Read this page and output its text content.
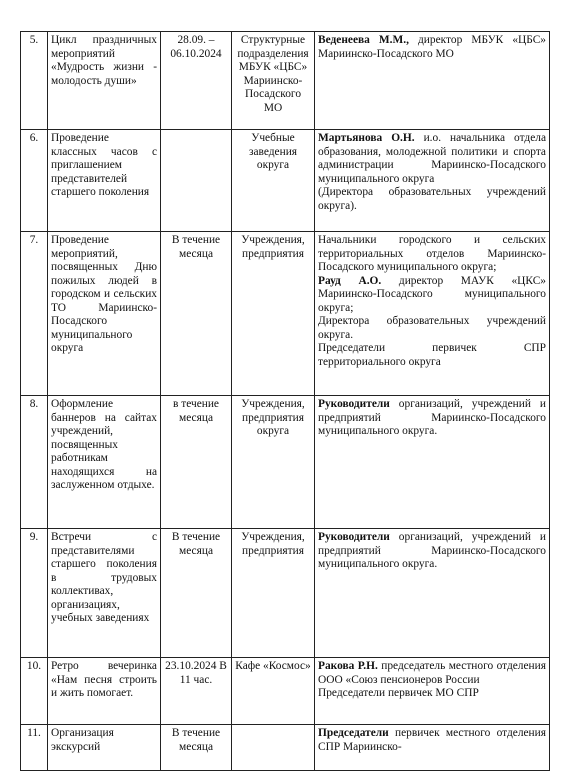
5.	Цикл праздничных мероприятий «Мудрость жизни - молодость души»	28.09. – 06.10.2024	Структурные подразделения МБУК «ЦБС» Мариинско-Посадского МО	Веденеева М.М., директор МБУК «ЦБС» Мариинско-Посадского МО
6.	Проведение классных часов с приглашением представителей старшего поколения		Учебные заведения округа	Мартьянова О.Н. и.о. начальника отдела образования, молодежной политики и спорта администрации Мариинско-Посадского муниципального округа
(Директора образовательных учреждений округа).

7.	Проведение мероприятий, посвященных Дню пожилых людей в городском и сельских ТО Мариинско-Посадского муниципального округа	В течение месяца	Учреждения, предприятия	Начальники городского и сельских территориальных отделов Мариинско-Посадского муниципального округа;
Рауд А.О. директор МАУК «ЦКС» Мариинско-Посадского муниципального округа;
Директора образовательных учреждений округа.
Председатели первичек СПР территориального округа

8.	Оформление баннеров на сайтах учреждений, посвященных работникам находящихся на заслуженном отдыхе.	в течение месяца	Учреждения, предприятия округа	Руководители организаций, учреждений и предприятий Мариинско-Посадского муниципального округа.
9.	Встречи с представителями старшего поколения в трудовых коллективах, организациях, учебных заведениях	В течение месяца	Учреждения, предприятия	Руководители организаций, учреждений и предприятий Мариинско-Посадского муниципального округа.
10.	Ретро вечеринка «Нам песня строить и жить помогает.	23.10.2024 В 11 час.	Кафе «Космос»	Ракова Р.Н. председатель местного отделения ООО «Союз пенсионеров России
Председатели первичек МО СПР

11.	Организация экскурсий	В течение месяца		Председатели первичек местного отделения СПР Мариинско-
